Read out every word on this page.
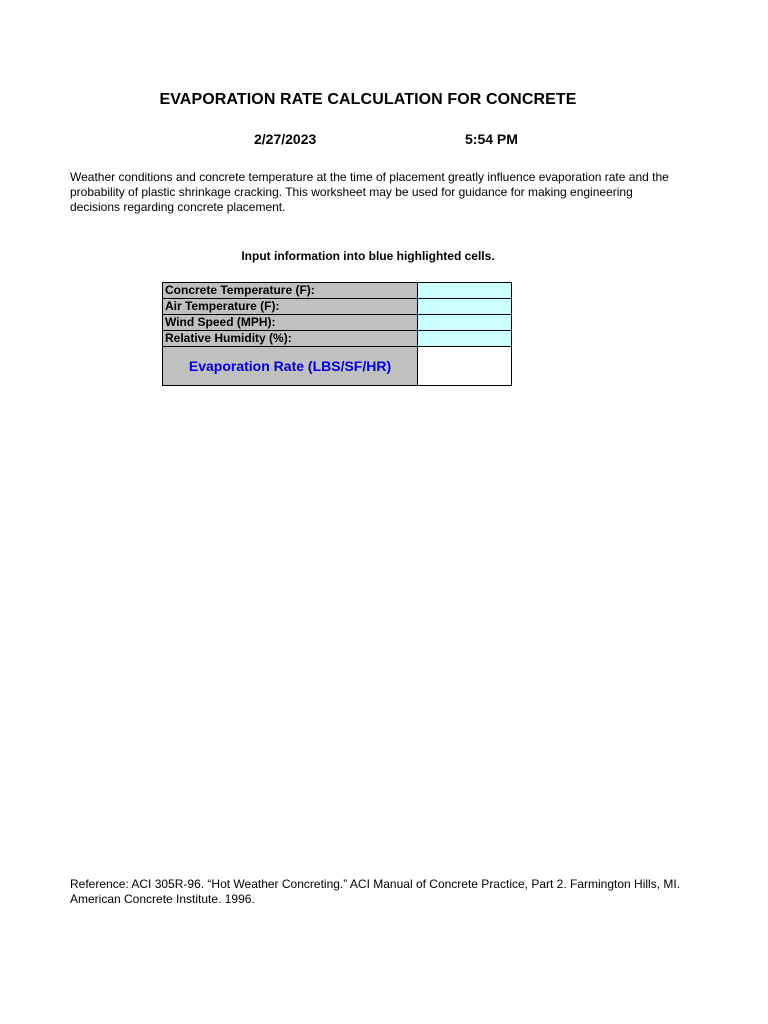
EVAPORATION RATE CALCULATION FOR CONCRETE
2/27/2023	5:54 PM
Weather conditions and concrete temperature at the time of placement greatly influence evaporation rate and the probability of plastic shrinkage cracking. This worksheet may be used for guidance for making engineering decisions regarding concrete placement.
Input information into blue highlighted cells.
Concrete Temperature (F):	
Air Temperature (F):	
Wind Speed (MPH):	
Relative Humidity (%):	
Evaporation Rate (LBS/SF/HR)	
Reference: ACI 305R-96. “Hot Weather Concreting.” ACI Manual of Concrete Practice, Part 2. Farmington Hills, MI. American Concrete Institute. 1996.
